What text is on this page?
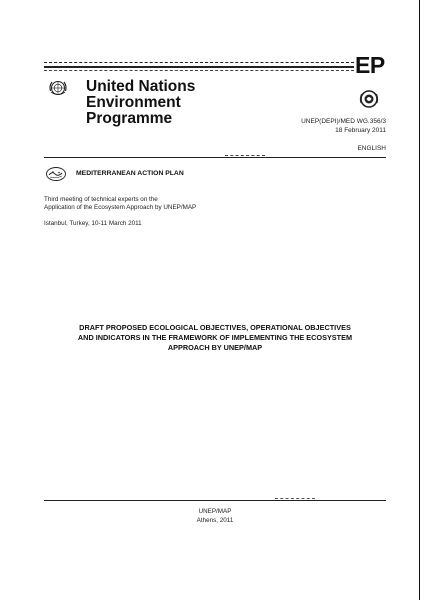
EP
United Nations
Environment
Programme	UNEP(DEPI)/MED WG.356/3
18 February 2011
ENGLISH
MEDITERRANEAN ACTION PLAN
Third meeting of technical experts on the
Application of the Ecosystem Approach by UNEP/MAP
Istanbul, Turkey, 10-11 March 2011
DRAFT PROPOSED ECOLOGICAL OBJECTIVES, OPERATIONAL OBJECTIVES
AND INDICATORS IN THE FRAMEWORK OF IMPLEMENTING THE ECOSYSTEM
APPROACH BY UNEP/MAP
UNEP/MAP
Athens, 2011
